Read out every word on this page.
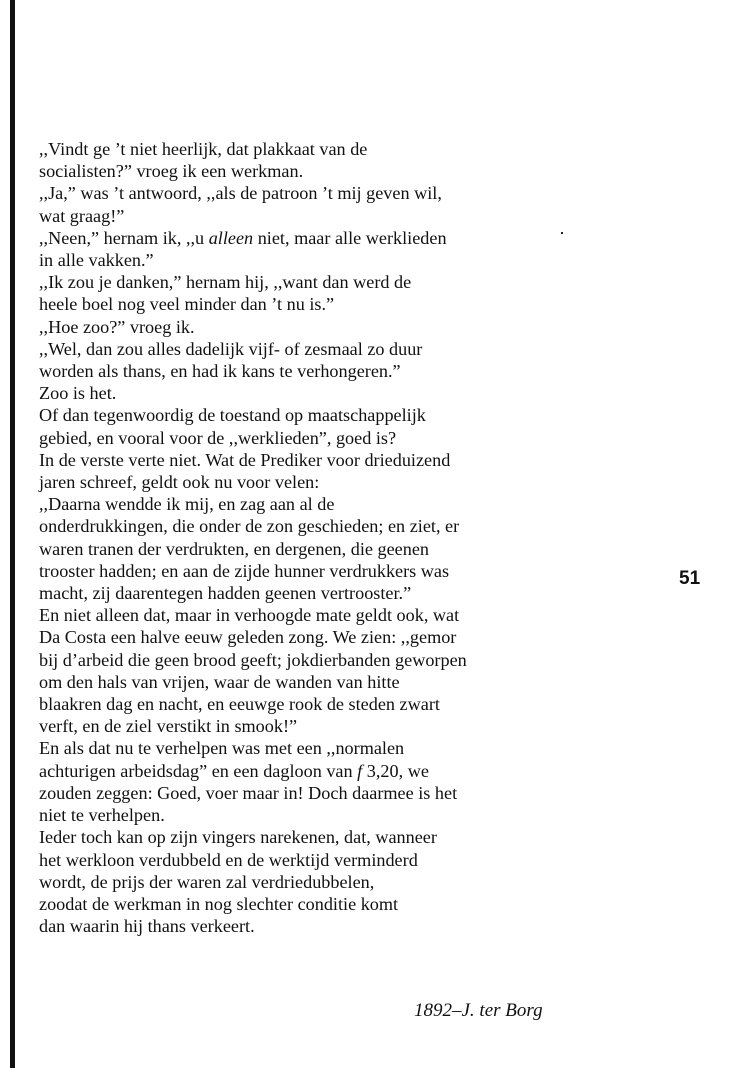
,,Vindt ge ’t niet heerlijk, dat plakkaat van de

socialisten?” vroeg ik een werkman.

,,Ja,” was ’t antwoord, ,,als de patroon ’t mij geven wil,

wat graag!”

,,Neen,” hernam ik, ,,u alleen niet, maar alle werklieden

in alle vakken.”

,,Ik zou je danken,” hernam hij, ,,want dan werd de

heele boel nog veel minder dan ’t nu is.”

,,Hoe zoo?” vroeg ik.

,,Wel, dan zou alles dadelijk vijf- of zesmaal zo duur

worden als thans, en had ik kans te verhongeren.”

Zoo is het.

Of dan tegenwoordig de toestand op maatschappelijk

gebied, en vooral voor de ,,werklieden”, goed is?

In de verste verte niet. Wat de Prediker voor drieduizend

jaren schreef, geldt ook nu voor velen:

,,Daarna wendde ik mij, en zag aan al de

onderdrukkingen, die onder de zon geschieden; en ziet, er

waren tranen der verdrukten, en dergenen, die geenen

trooster hadden; en aan de zijde hunner verdrukkers was

macht, zij daarentegen hadden geenen vertrooster.”

En niet alleen dat, maar in verhoogde mate geldt ook, wat

Da Costa een halve eeuw geleden zong. We zien: ,,gemor

bij d’arbeid die geen brood geeft; jokdierbanden geworpen

om den hals van vrijen, waar de wanden van hitte

blaakren dag en nacht, en eeuwge rook de steden zwart

verft, en de ziel verstikt in smook!”

En als dat nu te verhelpen was met een ,,normalen

achturigen arbeidsdag” en een dagloon van f 3,20, we

zouden zeggen: Goed, voer maar in! Doch daarmee is het

niet te verhelpen.

Ieder toch kan op zijn vingers narekenen, dat, wanneer

het werkloon verdubbeld en de werktijd verminderd

wordt, de prijs der waren zal verdriedubbelen,

zoodat de werkman in nog slechter conditie komt

dan waarin hij thans verkeert.

51
1892–J. ter Borg
